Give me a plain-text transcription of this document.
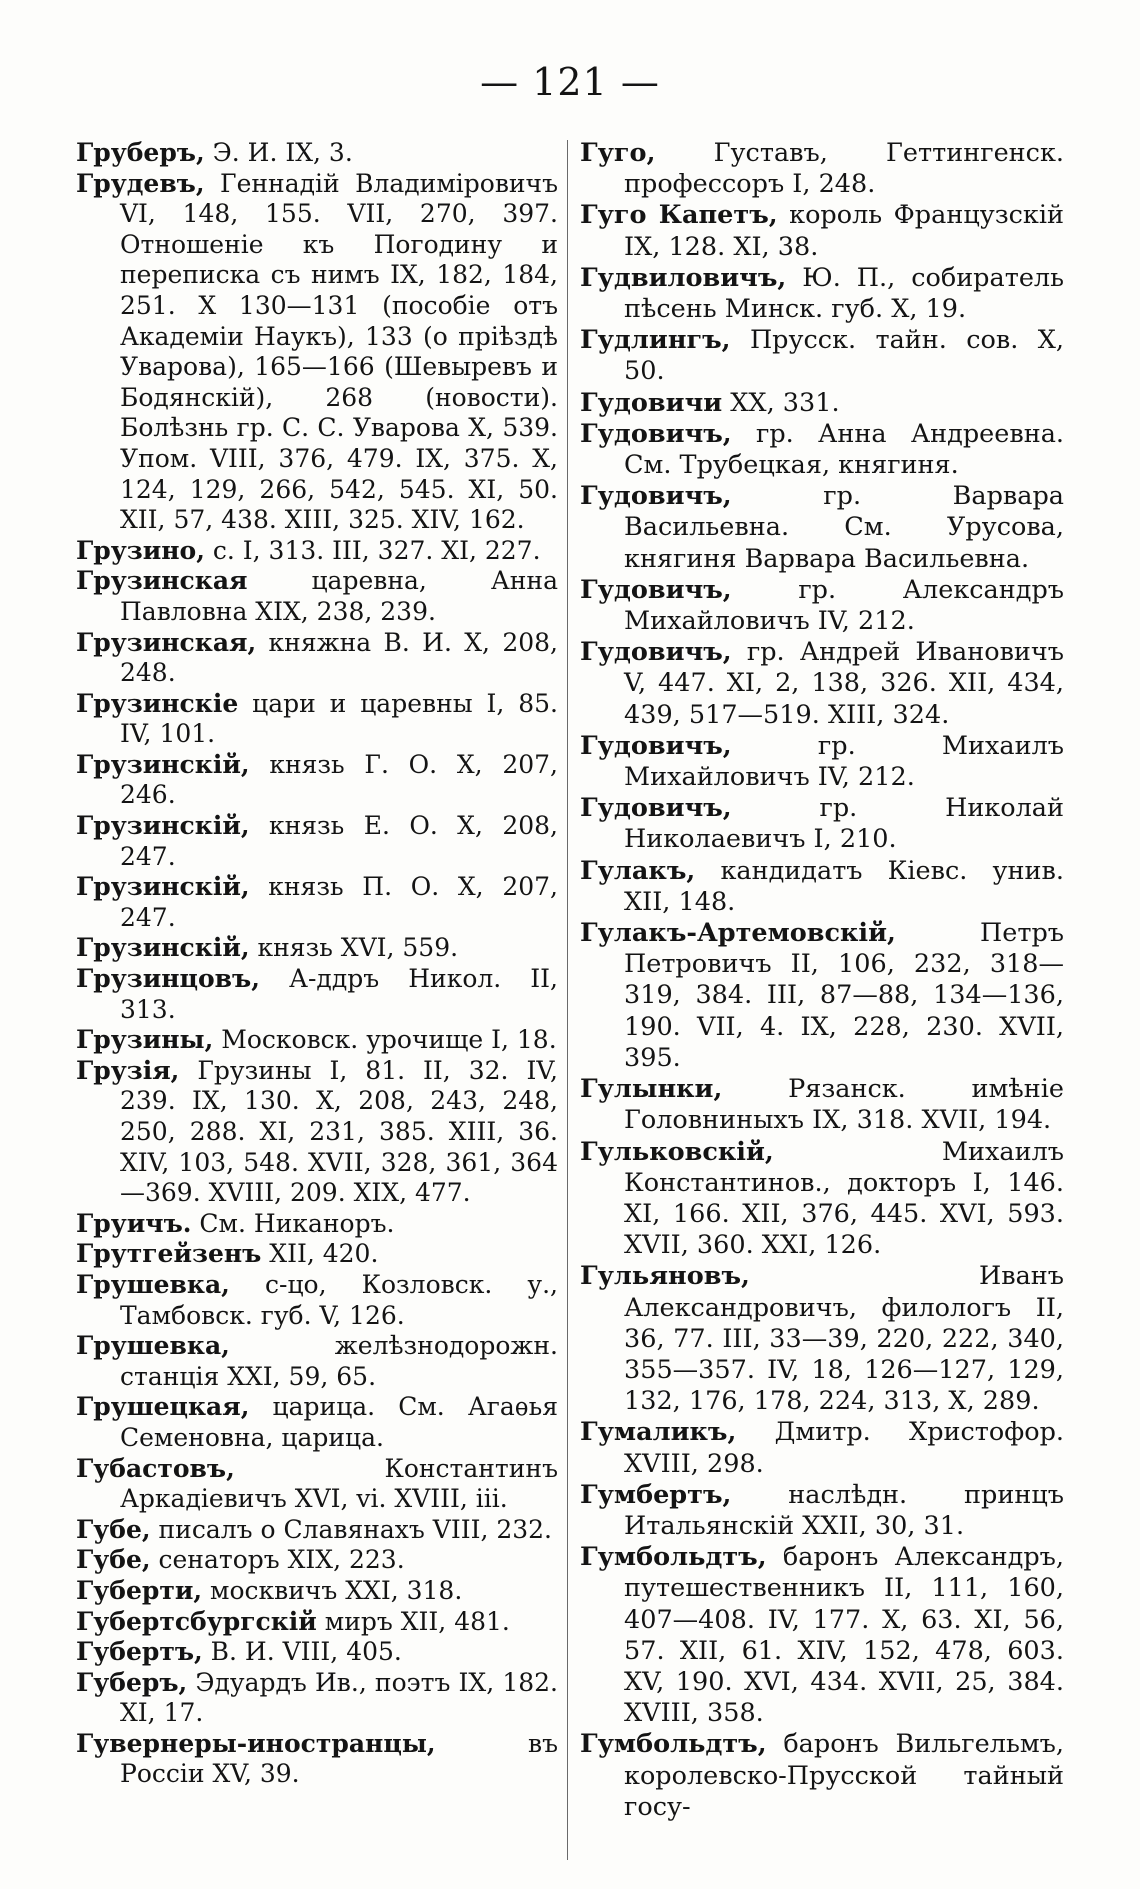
— 121 —

Груберъ, Э. И. IX, 3.

Грудевъ, Геннадій Владиміровичъ VI, 148, 155. VII, 270, 397. Отношеніе къ Погодину и переписка съ нимъ IX, 182, 184, 251. X 130—131 (пособіе отъ Академіи Наукъ), 133 (о пріѣздѣ Уварова), 165—166 (Шевыревъ и Бодянскій), 268 (новости). Болѣзнь гр. С. С. Уварова X, 539. Упом. VIII, 376, 479. IX, 375. X, 124, 129, 266, 542, 545. XI, 50. XII, 57, 438. XIII, 325. XIV, 162.

Грузино, с. I, 313. III, 327. XI, 227.

Грузинская	царевна, Анна Павловна XIX, 238, 239.

Грузинская, княжна В. И. X, 208, 248.

Грузинскіе цари и царевны I, 85. IV, 101.

Грузинскій, князь Г. О. X, 207, 246.

Грузинскій, князь Е. О. X, 208, 247.

Грузинскій, князь П. О. X, 207, 247.

Грузинскій, князь XVI, 559.

Грузинцовъ, А-ддръ Никол. II, 313.

Грузины, Московск. урочище I, 18.

Грузія, Грузины I, 81. II, 32. IV, 239. IX, 130. X, 208, 243, 248, 250, 288. XI, 231, 385. XIII, 36. XIV, 103, 548. XVII, 328, 361, 364—369. XVIII, 209. XIX, 477.

Груичъ. См. Никаноръ.

Грутгейзенъ XII, 420.

Грушевка, с-цо, Козловск. у., Тамбовск. губ. V, 126.

Грушевка,	желѣзнодорожн. станція XXI, 59, 65.

Грушецкая, царица. См. Агаѳья Семеновна, царица.

Губастовъ,	Константинъ Аркадіевичъ XVI, vi. XVIII, iii.

Губе, писалъ о Славянахъ VIII, 232.

Губе, сенаторъ XIX, 223.

Губерти, москвичъ XXI, 318.

Губертсбургскій миръ XII, 481.

Губертъ, В. И. VIII, 405.

Губеръ, Эдуардъ Ив., поэтъ IX, 182. XI, 17.

Гувернеры-иностранцы,	въ Россіи XV, 39.

Гуго, Густавъ, Геттингенск. профессоръ I, 248.

Гуго Капетъ, король Французскій IX, 128. XI, 38.

Гудвиловичъ, Ю. П., собиратель пѣсень Минск. губ. X, 19.

Гудлингъ, Прусск. тайн. сов. X, 50.

Гудовичи XX, 331.

Гудовичъ, гр. Анна Андреевна. См. Трубецкая, княгиня.

Гудовичъ,	гр. Варвара Васильевна. См. Урусова, княгиня Варвара Васильевна.

Гудовичъ,	гр. Александръ Михайловичъ IV, 212.

Гудовичъ, гр. Андрей Ивановичъ V, 447. XI, 2, 138, 326. XII, 434, 439, 517—519. XIII, 324.

Гудовичъ,	гр. Михаилъ Михайловичъ IV, 212.

Гудовичъ,	гр. Николай Николаевичъ I, 210.

Гулакъ, кандидатъ Кіевс. унив. XII, 148.

Гулакъ-Артемовскій,	Петръ Петровичъ II, 106, 232, 318—319, 384. III, 87—88, 134—136, 190. VII, 4. IX, 228, 230. XVII, 395.

Гулынки,	Рязанск. имѣніе Головниныхъ IX, 318. XVII, 194.

Гульковскій,	Михаилъ Константинов., докторъ I, 146. XI, 166. XII, 376, 445. XVI, 593. XVII, 360. XXI, 126.

Гульяновъ,	Иванъ Александровичъ, филологъ II, 36, 77. III, 33—39, 220, 222, 340, 355—357. IV, 18, 126—127, 129, 132, 176, 178, 224, 313, X, 289.

Гумаликъ, Дмитр. Христофор. XVIII, 298.

Гумбертъ, наслѣдн. принцъ Итальянскій XXII, 30, 31.

Гумбольдтъ, баронъ Александръ, путешественникъ II, 111, 160, 407—408. IV, 177. X, 63. XI, 56, 57. XII, 61. XIV, 152, 478, 603. XV, 190. XVI, 434. XVII, 25, 384. XVIII, 358.

Гумбольдтъ, баронъ Вильгельмъ, королевско-Прусской тайный госу-
